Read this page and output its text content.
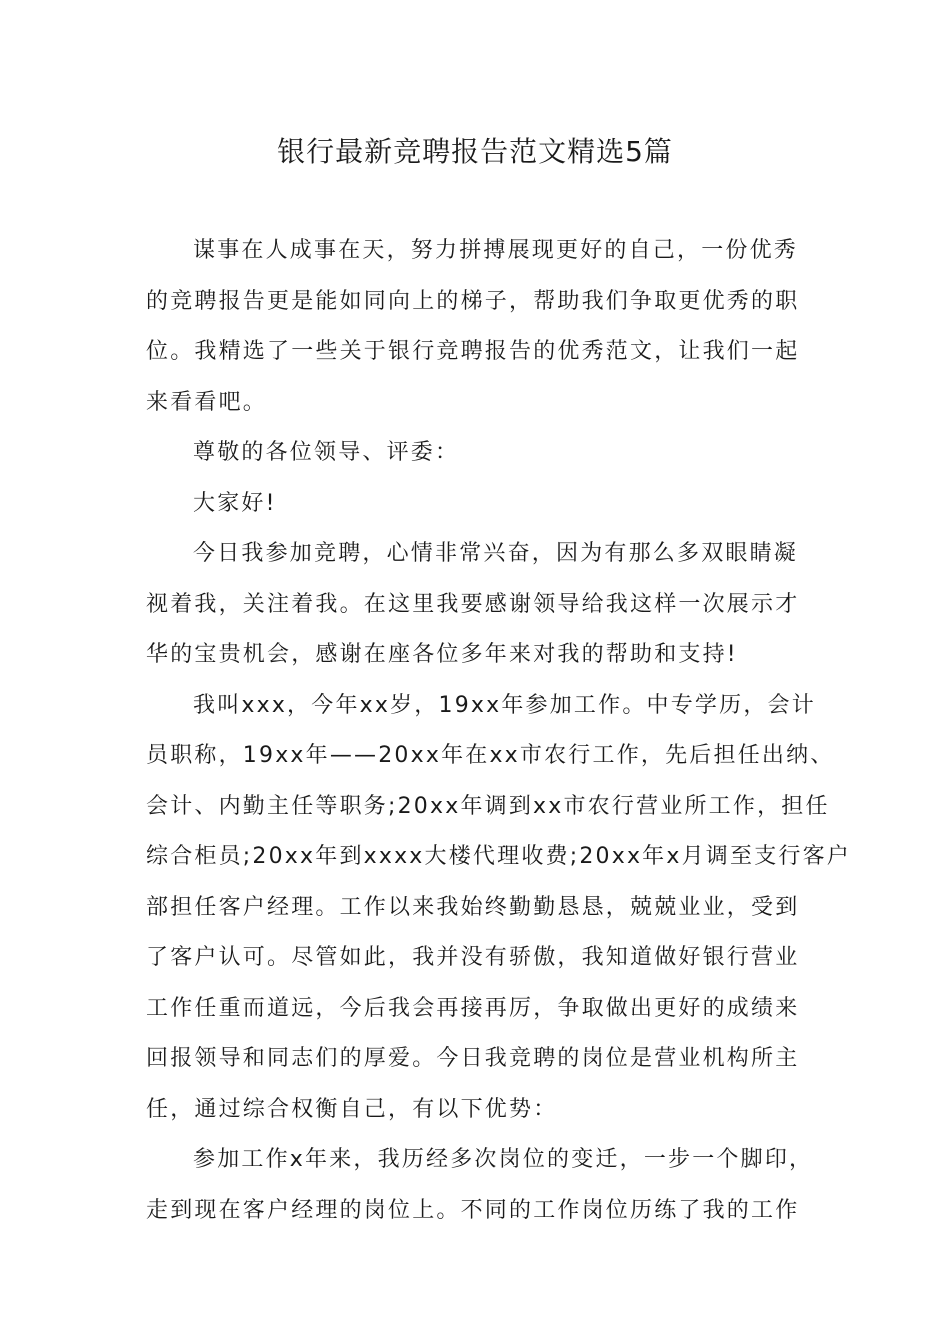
银行最新竞聘报告范文精选5篇

谋事在人成事在天，努力拼搏展现更好的自己，一份优秀
的竞聘报告更是能如同向上的梯子，帮助我们争取更优秀的职
位。我精选了一些关于银行竞聘报告的优秀范文，让我们一起
来看看吧。

尊敬的各位领导、评委：

大家好!

今日我参加竞聘，心情非常兴奋，因为有那么多双眼睛凝
视着我，关注着我。在这里我要感谢领导给我这样一次展示才
华的宝贵机会，感谢在座各位多年来对我的帮助和支持!

我叫xxx，今年xx岁，19xx年参加工作。中专学历，会计
员职称，19xx年——20xx年在xx市农行工作，先后担任出纳、
会计、内勤主任等职务;20xx年调到xx市农行营业所工作，担任
综合柜员;20xx年到xxxx大楼代理收费;20xx年x月调至支行客户
部担任客户经理。工作以来我始终勤勤恳恳，兢兢业业，受到
了客户认可。尽管如此，我并没有骄傲，我知道做好银行营业
工作任重而道远，今后我会再接再厉，争取做出更好的成绩来
回报领导和同志们的厚爱。今日我竞聘的岗位是营业机构所主
任，通过综合权衡自己，有以下优势：

参加工作x年来，我历经多次岗位的变迁，一步一个脚印，
走到现在客户经理的岗位上。不同的工作岗位历练了我的工作
